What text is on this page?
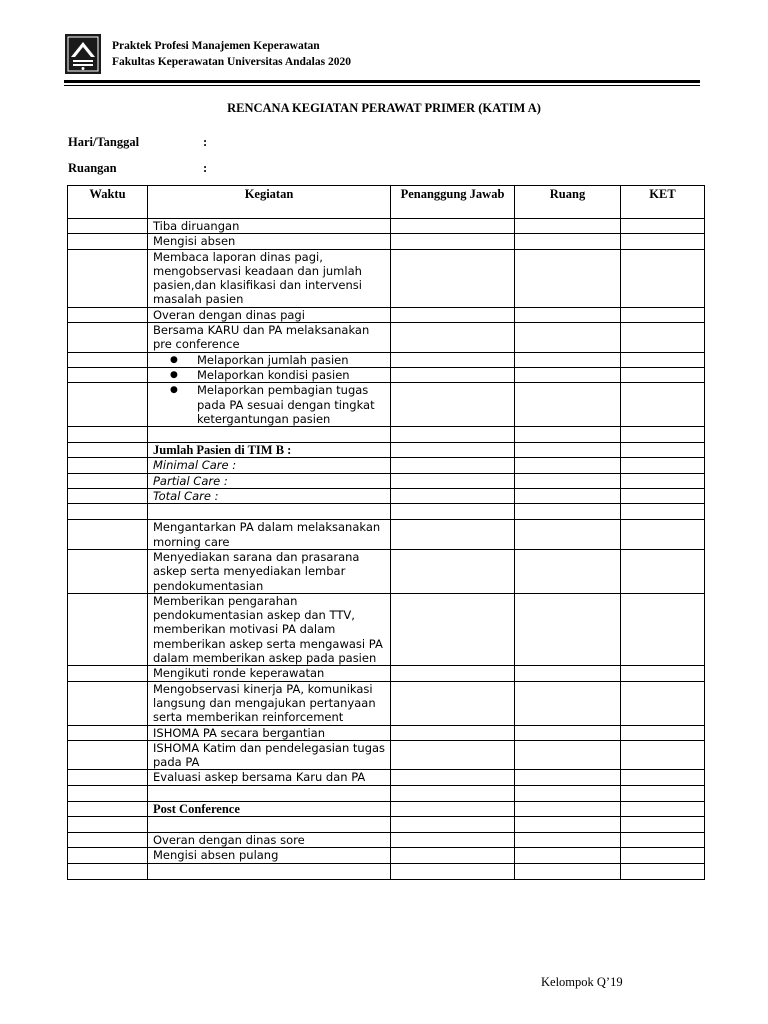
Praktek Profesi Manajemen Keperawatan
Fakultas Keperawatan Universitas Andalas 2020
RENCANA KEGIATAN PERAWAT PRIMER (KATIM A)
Hari/Tanggal	:
Ruangan	:
Waktu	Kegiatan	Penanggung Jawab	Ruang	KET
	Tiba diruangan			
	Mengisi absen			
	Membaca laporan dinas pagi, mengobservasi keadaan dan jumlah pasien,dan klasifikasi dan intervensi masalah pasien			
	Overan dengan dinas pagi			
	Bersama KARU dan PA melaksanakan pre conference			

	● Melaporkan jumlah pasien			

	● Melaporkan kondisi pasien			

	● Melaporkan pembagian tugas pada PA sesuai dengan tingkat ketergantungan pasien			

	Jumlah Pasien di TIM B :			
	Minimal Care :			
	Partial Care :			
	Total Care :			

	Mengantarkan PA dalam melaksanakan morning care			
	Menyediakan sarana dan prasarana askep serta menyediakan lembar pendokumentasian			
	Memberikan pengarahan pendokumentasian askep dan TTV, memberikan motivasi PA dalam memberikan askep serta mengawasi PA dalam memberikan askep pada pasien			
	Mengikuti ronde keperawatan			
	Mengobservasi kinerja PA, komunikasi langsung dan mengajukan pertanyaan serta memberikan reinforcement			
	ISHOMA PA secara bergantian			
	ISHOMA Katim dan pendelegasian tugas pada PA			
	Evaluasi askep bersama Karu dan PA			

	Post Conference			

	Overan dengan dinas sore			
	Mengisi absen pulang			

Kelompok Q’19
